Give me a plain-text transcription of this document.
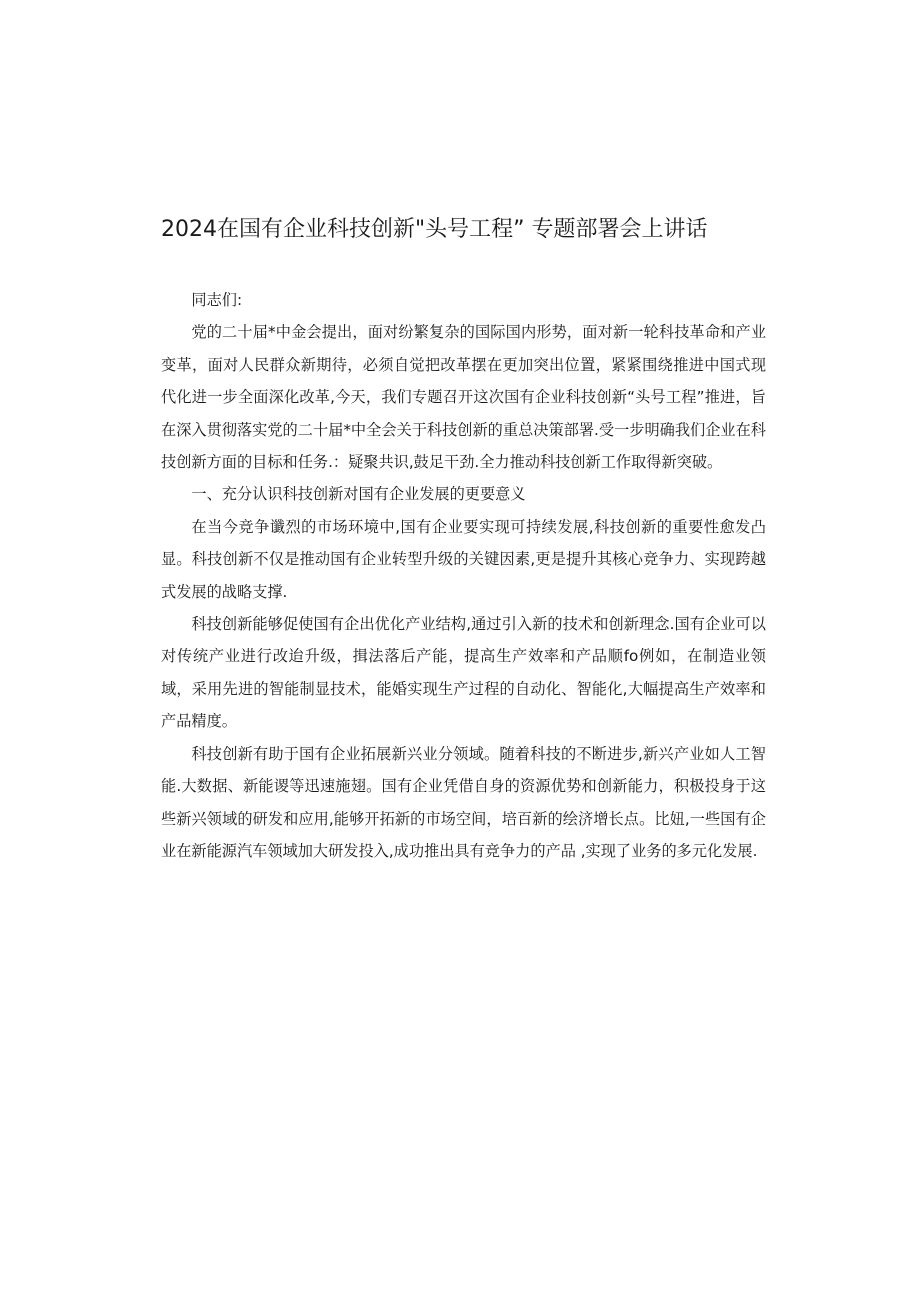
2024在国有企业科技创新"头号工程” 专题部署会上讲话

同志们:

党的二十届*中金会提出，面对纷繁复杂的国际国内形势，面对新一轮科技革命和产业变革，面对人民群众新期待，必须自觉把改革摆在更加突出位置，紧紧围绕推进中国式现代化进一步全面深化改革,今天，我们专题召开这次国有企业科技创新“头号工程”推进，旨在深入贯彻落实党的二十届*中全会关于科技创新的重总决策部署.受一步明确我们企业在科技创新方面的目标和任务.：疑聚共识,鼓足干劲.全力推动科技创新工作取得新突破。

一、充分认识科技创新对国有企业发展的更要意义

在当今竞争谶烈的市场环境中,国有企业要实现可持续发展,科技创新的重要性愈发凸显。科技创新不仅是推动国有企业转型升级的关键因素,更是提升其核心竞争力、实现跨越式发展的战略支撑.

科技创新能够促使国有企出优化产业结构,通过引入新的技术和创新理念.国有企业可以对传统产业进行改迨升级，揖法落后产能，提高生产效率和产品顺fo例如，在制造业领域，采用先进的智能制显技术，能婚实现生产过程的自动化、智能化,大幅提高生产效率和产品精度。

科技创新有助于国有企业拓展新兴业分领域。随着科技的不断进步,新兴产业如人工智能.大数据、新能谡等迅速施翅。国有企业凭借自身的资源优势和创新能力，积极投身于这些新兴领域的研发和应用,能够开拓新的市场空间，培百新的绘济增长点。比妞,一些国有企业在新能源汽车领域加大研发投入,成功推出具有竞争力的产品 ,实现了业务的多元化发展.
